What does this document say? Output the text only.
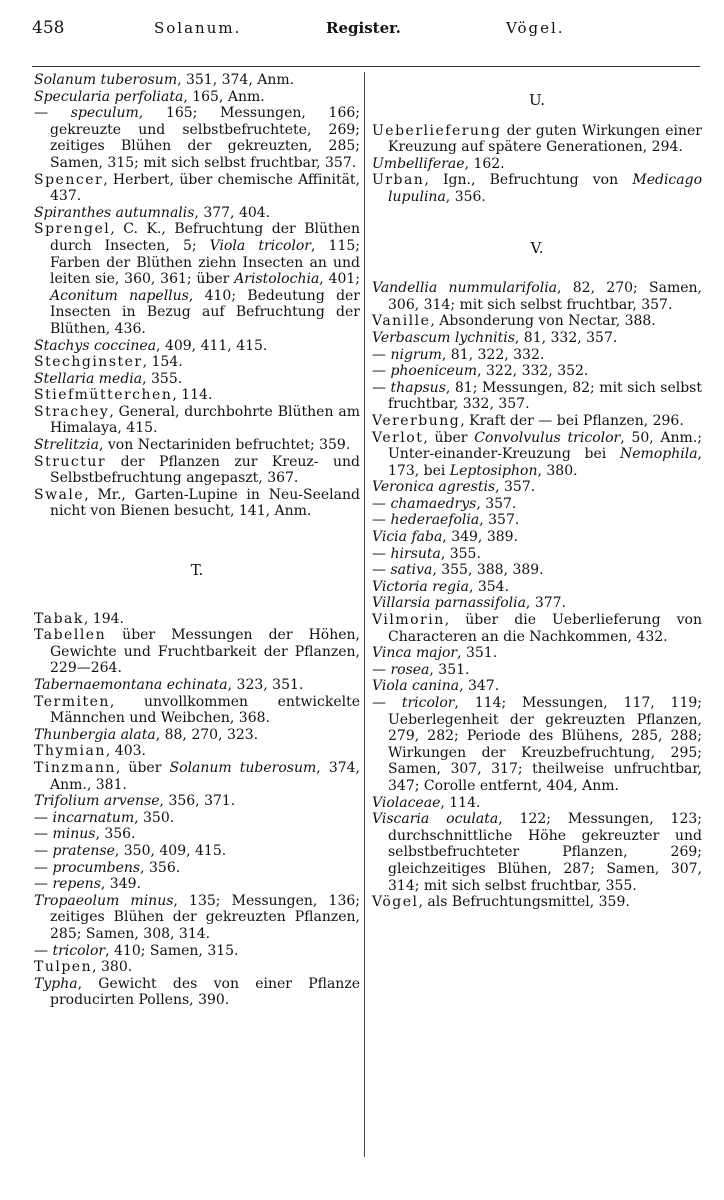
458	Solanum.	Register.	Vögel.

Solanum tuberosum, 351, 374, Anm.

Specularia perfoliata, 165, Anm.

— speculum, 165; Messungen, 166; gekreuzte und selbstbefruchtete, 269; zeitiges Blühen der gekreuzten, 285; Samen, 315; mit sich selbst fruchtbar, 357.

Spencer, Herbert, über chemische Affinität, 437.

Spiranthes autumnalis, 377, 404.

Sprengel, C. K., Befruchtung der Blüthen durch Insecten, 5; Viola tricolor, 115; Farben der Blüthen ziehn Insecten an und leiten sie, 360, 361; über Aristolochia, 401; Aconitum napellus, 410; Bedeutung der Insecten in Bezug auf Befruchtung der Blüthen, 436.

Stachys coccinea, 409, 411, 415.

Stechginster, 154.

Stellaria media, 355.

Stiefmütterchen, 114.

Strachey, General, durchbohrte Blüthen am Himalaya, 415.

Strelitzia, von Nectariniden befruchtet; 359.

Structur der Pflanzen zur Kreuz- und Selbstbefruchtung angepaszt, 367.

Swale, Mr., Garten-Lupine in Neu-Seeland nicht von Bienen besucht, 141, Anm.

T.

Tabak, 194.

Tabellen über Messungen der Höhen, Gewichte und Fruchtbarkeit der Pflanzen, 229—264.

Tabernaemontana echinata, 323, 351.

Termiten, unvollkommen entwickelte Männchen und Weibchen, 368.

Thunbergia alata, 88, 270, 323.

Thymian, 403.

Tinzmann, über Solanum tuberosum, 374, Anm., 381.

Trifolium arvense, 356, 371.

— incarnatum, 350.

— minus, 356.

— pratense, 350, 409, 415.

— procumbens, 356.

— repens, 349.

Tropaeolum minus, 135; Messungen, 136; zeitiges Blühen der gekreuzten Pflanzen, 285; Samen, 308, 314.

— tricolor, 410; Samen, 315.

Tulpen, 380.

Typha, Gewicht des von einer Pflanze producirten Pollens, 390.

U.

Ueberlieferung der guten Wirkungen einer Kreuzung auf spätere Generationen, 294.

Umbelliferae, 162.

Urban, Ign., Befruchtung von Medicago lupulina, 356.

V.

Vandellia nummularifolia, 82, 270; Samen, 306, 314; mit sich selbst fruchtbar, 357.

Vanille, Absonderung von Nectar, 388.

Verbascum lychnitis, 81, 332, 357.

— nigrum, 81, 322, 332.

— phoeniceum, 322, 332, 352.

— thapsus, 81; Messungen, 82; mit sich selbst fruchtbar, 332, 357.

Vererbung, Kraft der — bei Pflanzen, 296.

Verlot, über Convolvulus tricolor, 50, Anm.; Unter-einander-Kreuzung bei Nemophila, 173, bei Leptosiphon, 380.

Veronica agrestis, 357.

— chamaedrys, 357.

— hederaefolia, 357.

Vicia faba, 349, 389.

— hirsuta, 355.

— sativa, 355, 388, 389.

Victoria regia, 354.

Villarsia parnassifolia, 377.

Vilmorin, über die Ueberlieferung von Characteren an die Nachkommen, 432.

Vinca major, 351.

— rosea, 351.

Viola canina, 347.

— tricolor, 114; Messungen, 117, 119; Ueberlegenheit der gekreuzten Pflanzen, 279, 282; Periode des Blühens, 285, 288; Wirkungen der Kreuzbefruchtung, 295; Samen, 307, 317; theilweise unfruchtbar, 347; Corolle entfernt, 404, Anm.

Violaceae, 114.

Viscaria oculata, 122; Messungen, 123; durchschnittliche Höhe gekreuzter und selbstbefruchteter Pflanzen, 269; gleichzeitiges Blühen, 287; Samen, 307, 314; mit sich selbst fruchtbar, 355.

Vögel, als Befruchtungsmittel, 359.
